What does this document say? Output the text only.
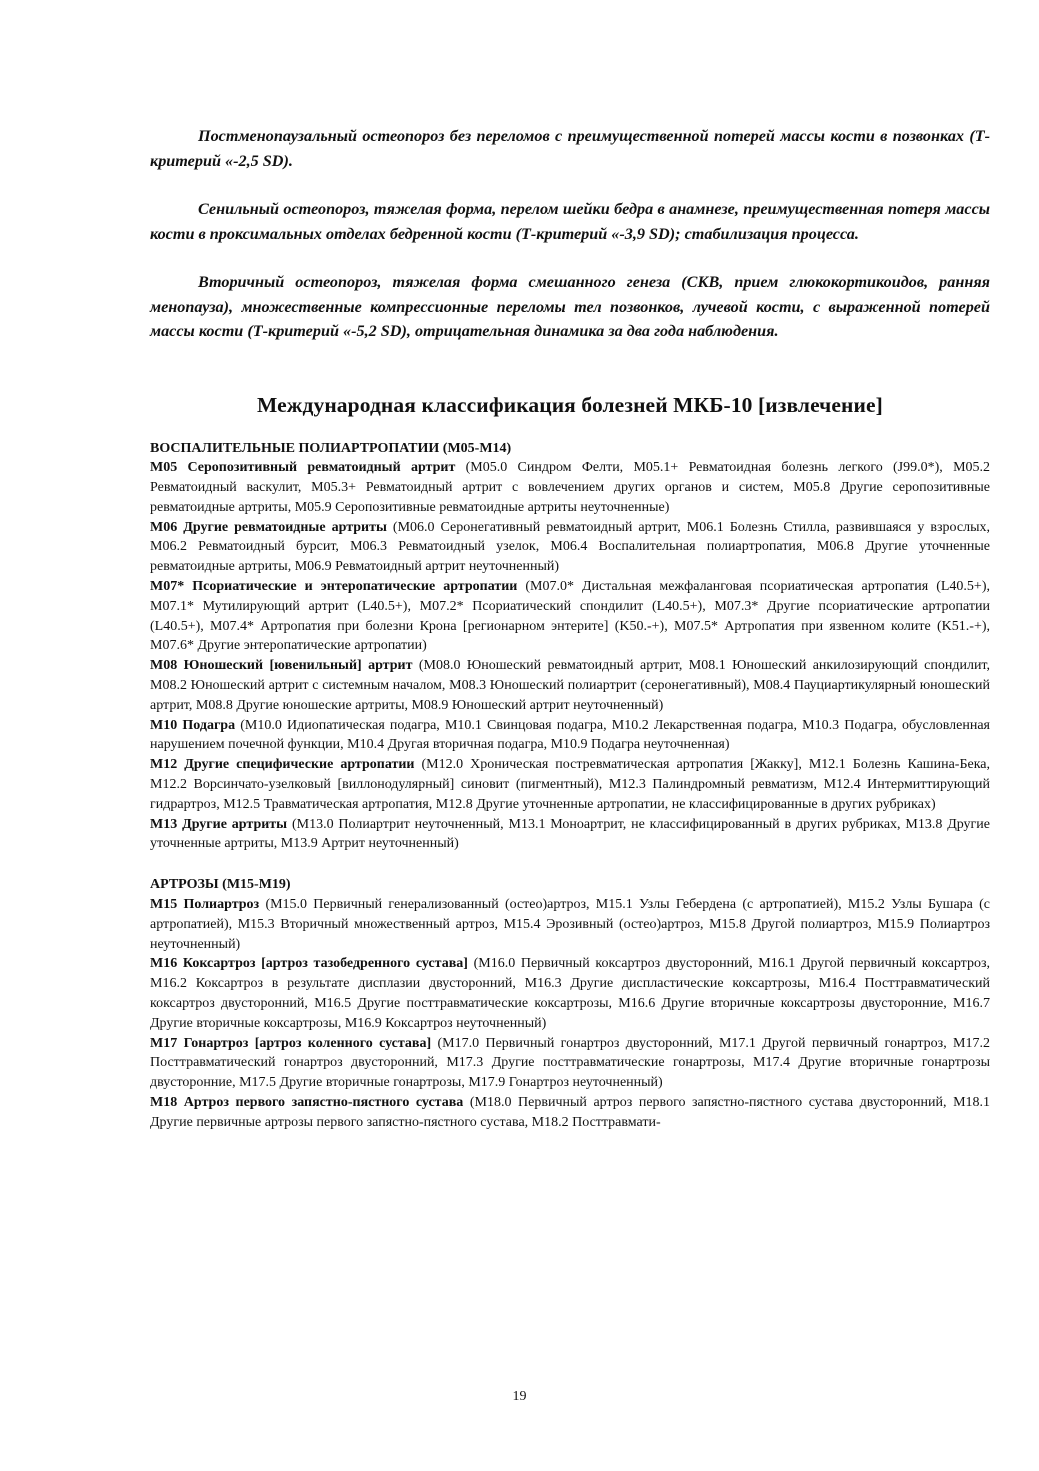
Постменопаузальный остеопороз без переломов с преимущественной потерей массы кости в позвонках (Т-критерий «-2,5 SD).

Сенильный остеопороз, тяжелая форма, перелом шейки бедра в анамнезе, преимущественная потеря массы кости в проксимальных отделах бедренной кости (Т-критерий «-3,9 SD); стабилизация процесса.

Вторичный остеопороз, тяжелая форма смешанного генеза (СКВ, прием глюкокортикоидов, ранняя менопауза), множественные компрессионные переломы тел позвонков, лучевой кости, с выраженной потерей массы кости (Т-критерий «-5,2 SD), отрицательная динамика за два года наблюдения.

Международная классификация болезней МКБ-10 [извлечение]
ВОСПАЛИТЕЛЬНЫЕ ПОЛИАРТРОПАТИИ (М05-М14)

М05 Серопозитивный ревматоидный артрит (М05.0 Синдром Фелти, М05.1+ Ревматоидная болезнь легкого (J99.0*), М05.2 Ревматоидный васкулит, М05.3+ Ревматоидный артрит с вовлечением других органов и систем, М05.8 Другие серопозитивные ревматоидные артриты, М05.9 Серопозитивные ревматоидные артриты неуточненные)

М06 Другие ревматоидные артриты (М06.0 Серонегативный ревматоидный артрит, М06.1 Болезнь Стилла, развившаяся у взрослых, М06.2 Ревматоидный бурсит, М06.3 Ревматоидный узелок, М06.4 Воспалительная полиартропатия, М06.8 Другие уточненные ревматоидные артриты, М06.9 Ревматоидный артрит неуточненный)

М07* Псориатические и энтеропатические артропатии (М07.0* Дистальная межфаланговая псориатическая артропатия (L40.5+), М07.1* Мутилирующий артрит (L40.5+), М07.2* Псориатический спондилит (L40.5+), М07.3* Другие псориатические артропатии (L40.5+), М07.4* Артропатия при болезни Крона [регионарном энтерите] (K50.-+), М07.5* Артропатия при язвенном колите (K51.-+), М07.6* Другие энтеропатические артропатии)

М08 Юношеский [ювенильный] артрит (М08.0 Юношеский ревматоидный артрит, М08.1 Юношеский анкилозирующий спондилит, М08.2 Юношеский артрит с системным началом, М08.3 Юношеский полиартрит (серонегативный), М08.4 Пауциартикулярный юношеский артрит, М08.8 Другие юношеские артриты, М08.9 Юношеский артрит неуточненный)

М10 Подагра (М10.0 Идиопатическая подагра, М10.1 Свинцовая подагра, М10.2 Лекарственная подагра, М10.3 Подагра, обусловленная нарушением почечной функции, М10.4 Другая вторичная подагра, М10.9 Подагра неуточненная)

М12 Другие специфические артропатии (М12.0 Хроническая постревматическая артропатия [Жакку], М12.1 Болезнь Кашина-Бека, М12.2 Ворсинчато-узелковый [виллонодулярный] синовит (пигментный), М12.3 Палиндромный ревматизм, М12.4 Интермиттирующий гидрартроз, М12.5 Травматическая артропатия, М12.8 Другие уточненные артропатии, не классифицированные в других рубриках)

М13 Другие артриты (М13.0 Полиартрит неуточненный, М13.1 Моноартрит, не классифицированный в других рубриках, М13.8 Другие уточненные артриты, М13.9 Артрит неуточненный)

АРТРОЗЫ (М15-М19)

М15 Полиартроз (М15.0 Первичный генерализованный (остео)артроз, М15.1 Узлы Гебердена (с артропатией), М15.2 Узлы Бушара (с артропатией), М15.3 Вторичный множественный артроз, М15.4 Эрозивный (остео)артроз, М15.8 Другой полиартроз, М15.9 Полиартроз неуточненный)

М16 Коксартроз [артроз тазобедренного сустава] (М16.0 Первичный коксартроз двусторонний, М16.1 Другой первичный коксартроз, М16.2 Коксартроз в результате дисплазии двусторонний, М16.3 Другие диспластические коксартрозы, М16.4 Посттравматический коксартроз двусторонний, М16.5 Другие посттравматические коксартрозы, М16.6 Другие вторичные коксартрозы двусторонние, М16.7 Другие вторичные коксартрозы, М16.9 Коксартроз неуточненный)

М17 Гонартроз [артроз коленного сустава] (М17.0 Первичный гонартроз двусторонний, М17.1 Другой первичный гонартроз, М17.2 Посттравматический гонартроз двусторонний, М17.3 Другие посттравматические гонартрозы, М17.4 Другие вторичные гонартрозы двусторонние, М17.5 Другие вторичные гонартрозы, М17.9 Гонартроз неуточненный)

М18 Артроз первого запястно-пястного сустава (М18.0 Первичный артроз первого запястно-пястного сустава двусторонний, М18.1 Другие первичные артрозы первого запястно-пястного сустава, М18.2 Посттравмати-

19
